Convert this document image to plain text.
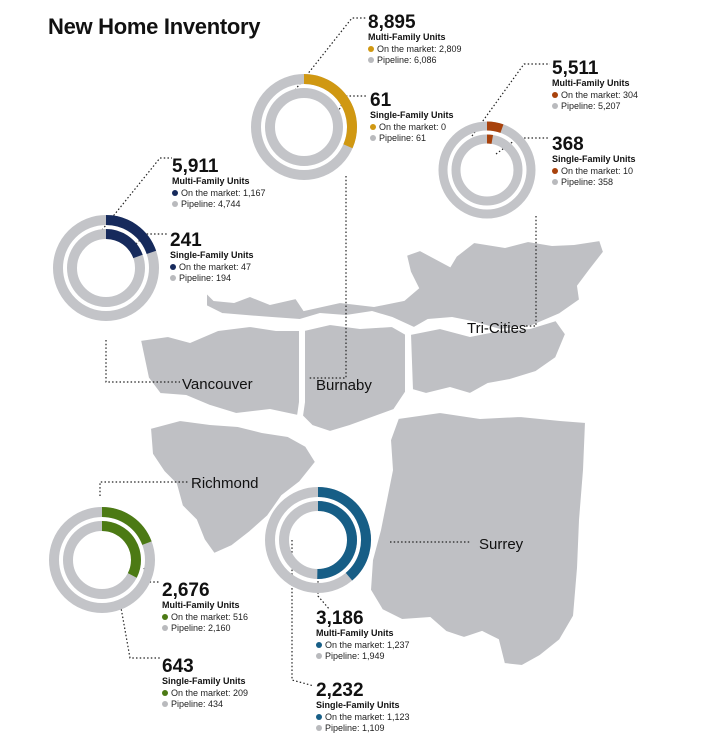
New Home Inventory
Burnaby
Tri-Cities
Vancouver
Richmond
Surrey
8,895
Multi-Family Units
On the market: 2,809
Pipeline: 6,086
61
Single-Family Units
On the market: 0
Pipeline: 61
5,511
Multi-Family Units
On the market: 304
Pipeline: 5,207
368
Single-Family Units
On the market: 10
Pipeline: 358
5,911
Multi-Family Units
On the market: 1,167
Pipeline: 4,744
241
Single-Family Units
On the market: 47
Pipeline: 194
2,676
Multi-Family Units
On the market: 516
Pipeline: 2,160
643
Single-Family Units
On the market: 209
Pipeline: 434
3,186
Multi-Family Units
On the market: 1,237
Pipeline: 1,949
2,232
Single-Family Units
On the market: 1,123
Pipeline: 1,109
